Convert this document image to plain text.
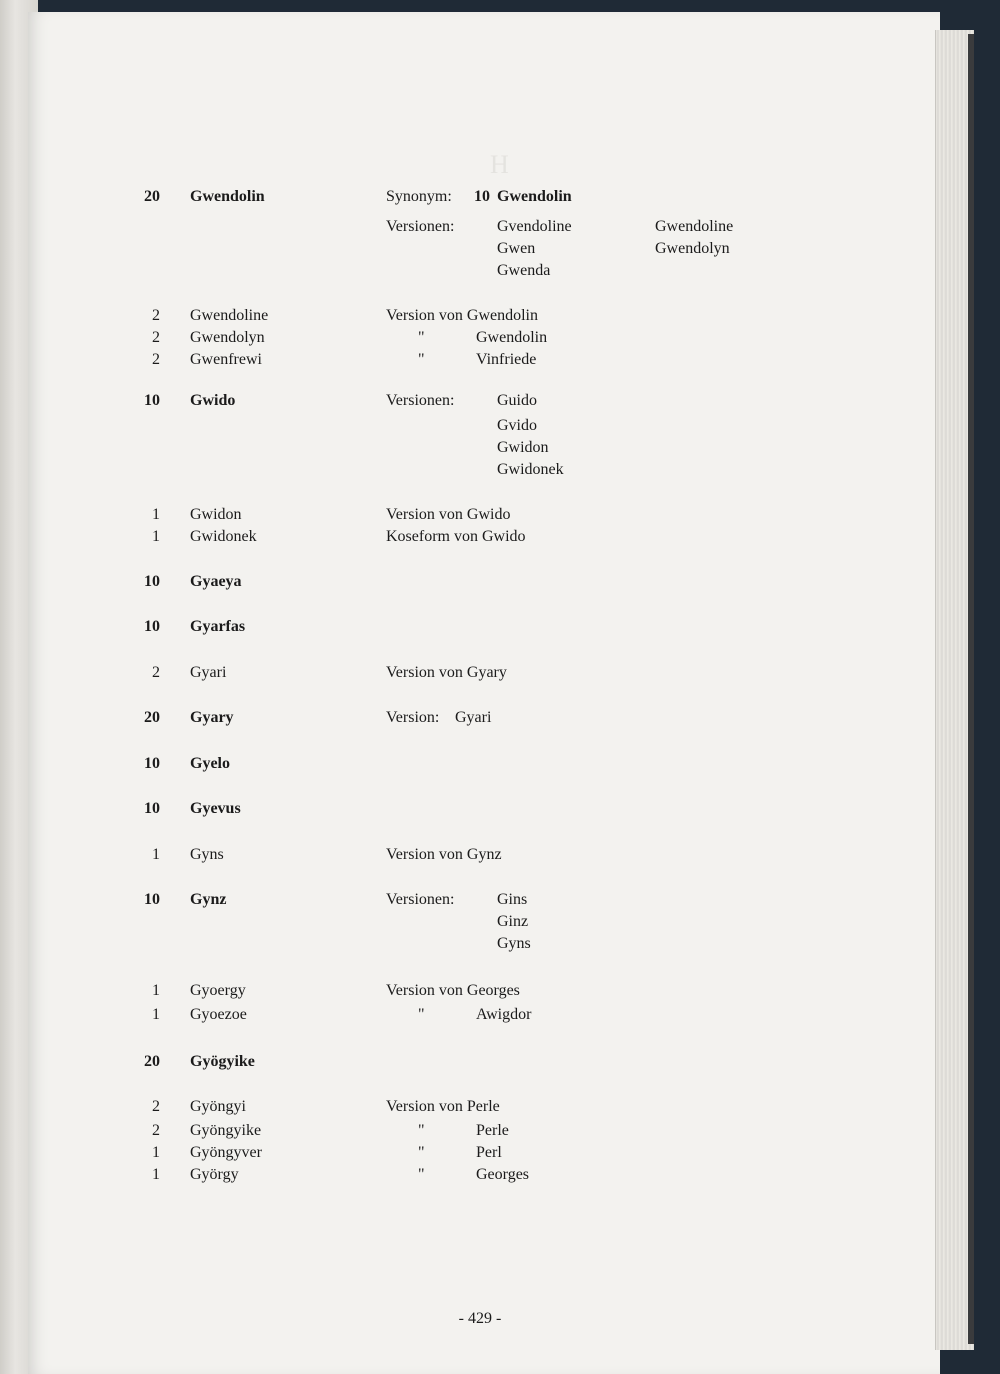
H
20 Gwendolin	Synonym: 10 Gwendolin
Versionen:	Gvendoline	Gwendoline
Gwen	Gwendolyn
Gwenda
2 Gwendoline	Version von Gwendolin
2 Gwendolyn	"	Gwendolin
2 Gwenfrewi	"	Vinfriede
10 Gwido	Versionen:	Guido
Gvido
Gwidon
Gwidonek
1 Gwidon	Version von Gwido
1 Gwidonek	Koseform von Gwido
10 Gyaeya
10 Gyarfas
2 Gyari	Version von Gyary
20 Gyary	Version: Gyari
10 Gyelo
10 Gyevus
1 Gyns	Version von Gynz
10 Gynz	Versionen:	Gins
Ginz
Gyns
1 Gyoergy	Version von Georges
1 Gyoezoe	"	Awigdor
20 Gyögyike
2 Gyöngyi	Version von Perle
2 Gyöngyike	"	Perle
1 Gyöngyver	"	Perl
1 György	"	Georges
- 429 -
